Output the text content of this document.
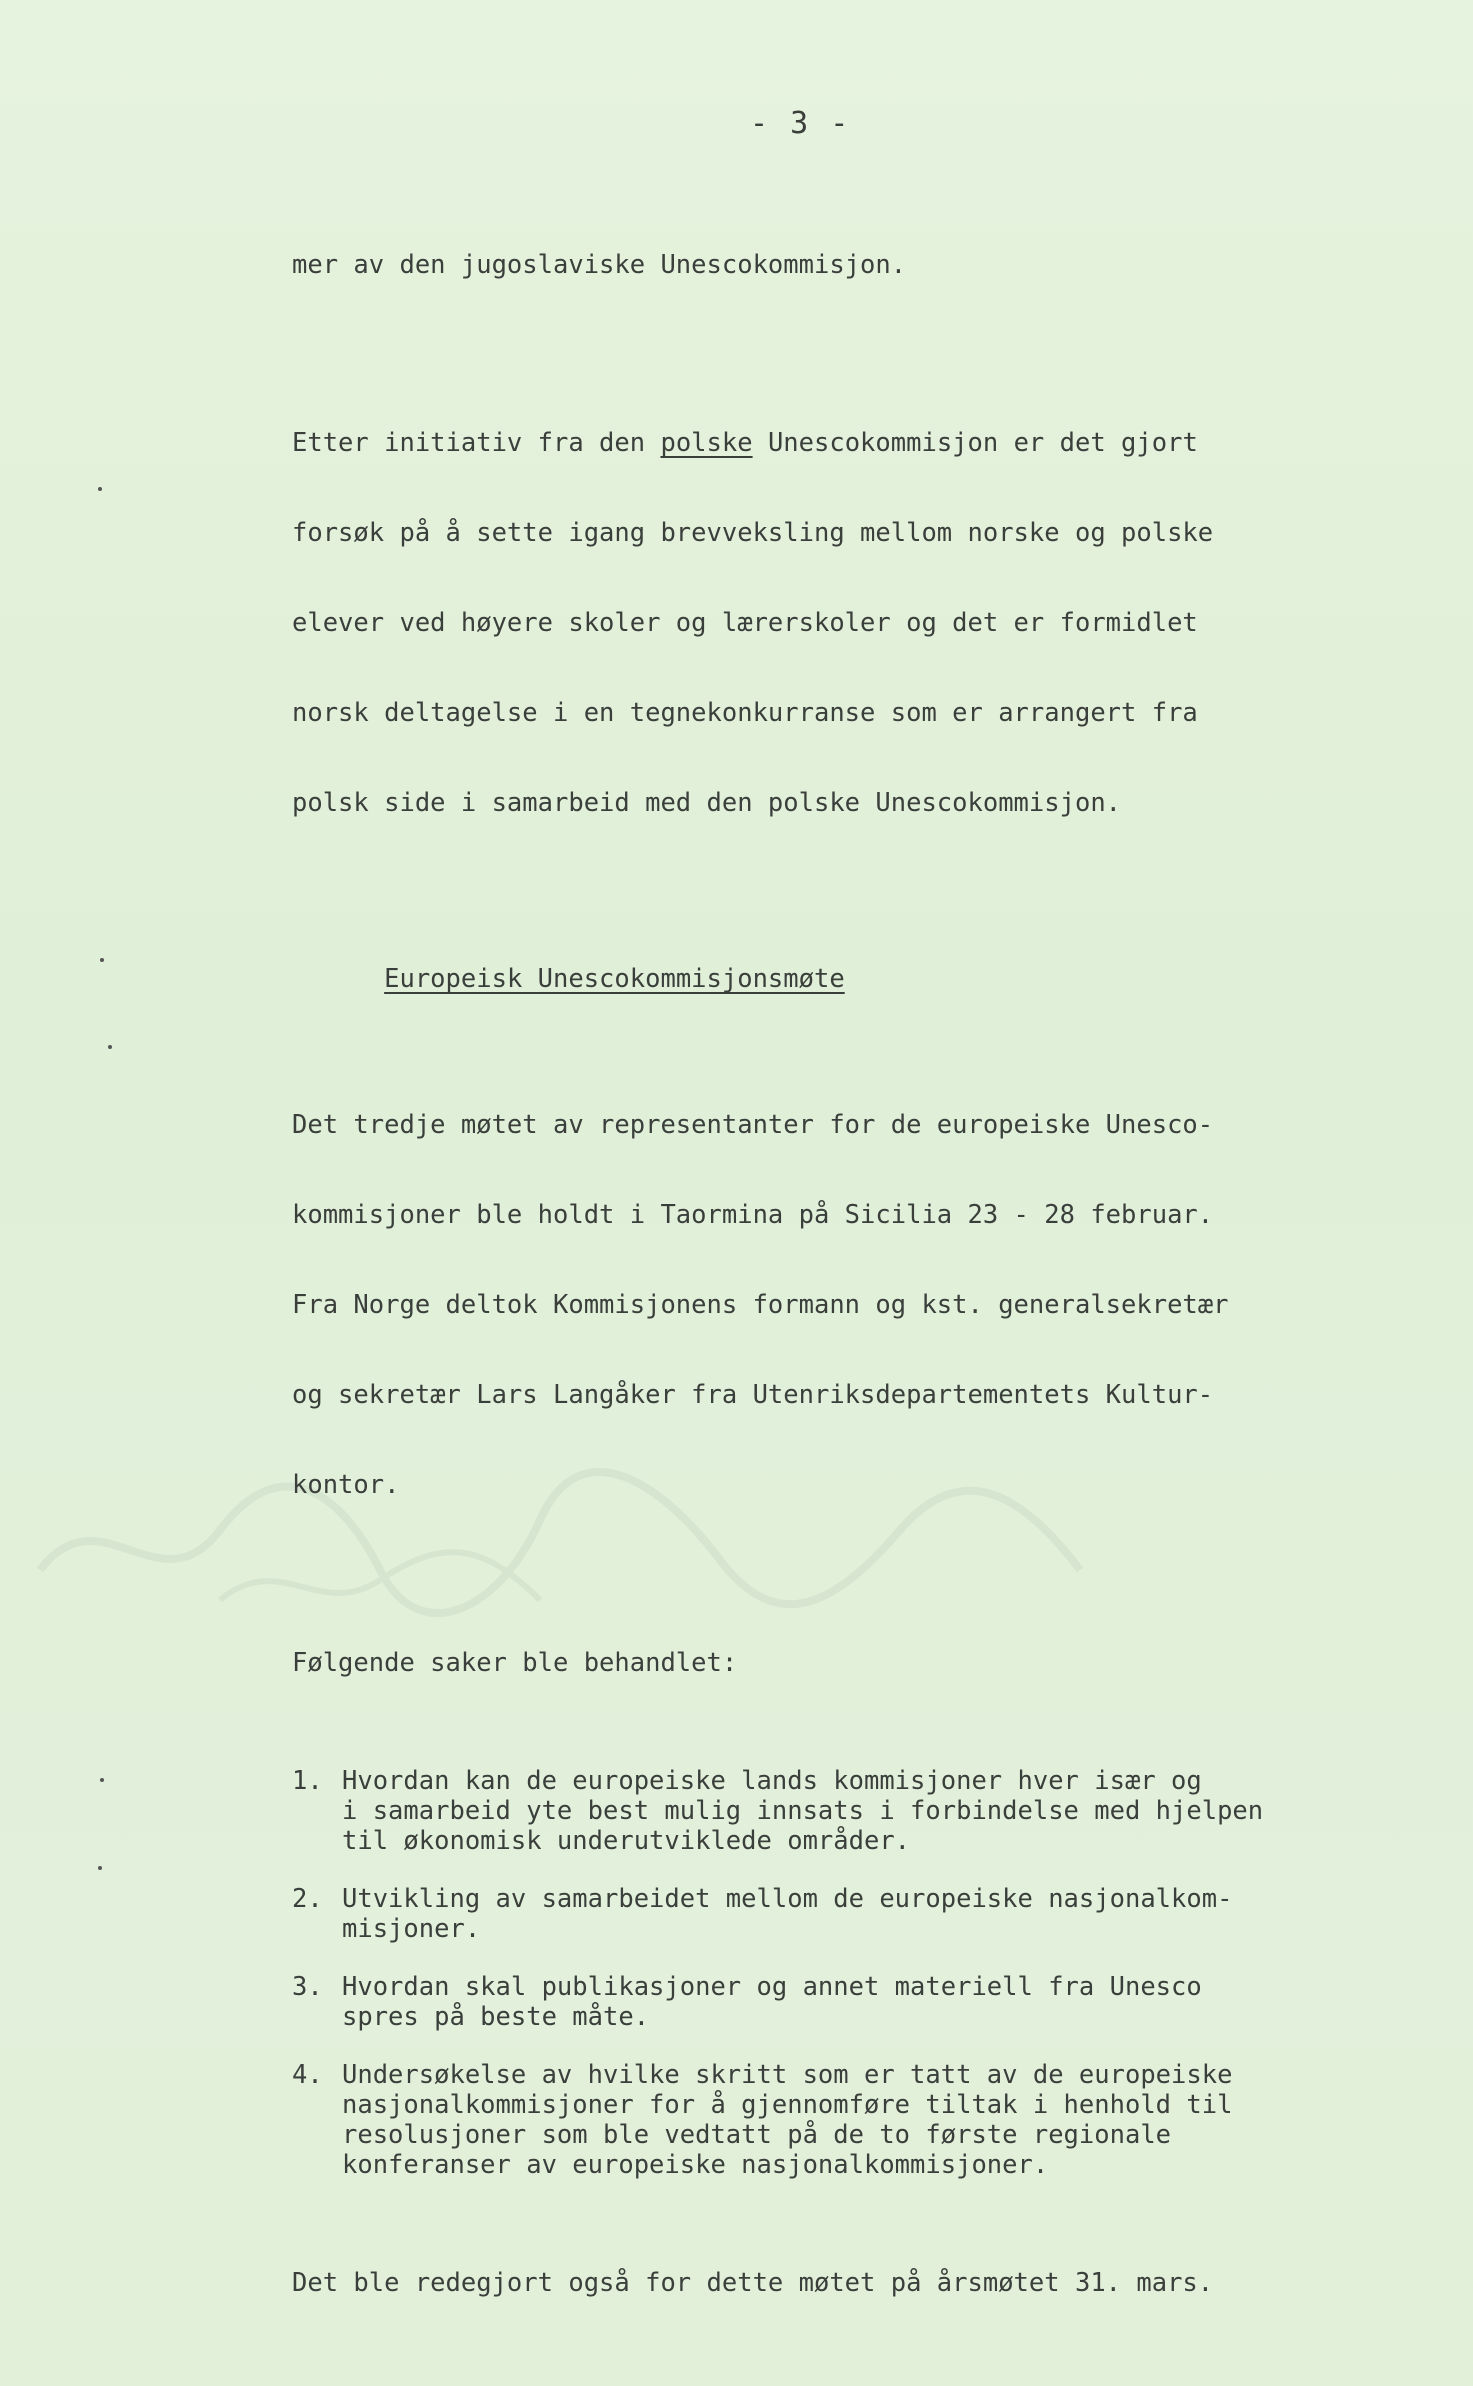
- 3 -

mer av den jugoslaviske Unescokommisjon.

Etter initiativ fra den polske Unescokommisjon er det gjort

forsøk på å sette igang brevveksling mellom norske og polske

elever ved høyere skoler og lærerskoler og det er formidlet

norsk deltagelse i en tegnekonkurranse som er arrangert fra

polsk side i samarbeid med den polske Unescokommisjon.

Europeisk Unescokommisjonsmøte

Det tredje møtet av representanter for de europeiske Unesco-

kommisjoner ble holdt i Taormina på Sicilia 23 - 28 februar.

Fra Norge deltok Kommisjonens formann og kst. generalsekretær

og sekretær Lars Langåker fra Utenriksdepartementets Kultur-

kontor.

Følgende saker ble behandlet:

1. Hvordan kan de europeiske lands kommisjoner hver især og
i samarbeid yte best mulig innsats i forbindelse med hjelpen
til økonomisk underutviklede områder.
2. Utvikling av samarbeidet mellom de europeiske nasjonalkom-
misjoner.
3. Hvordan skal publikasjoner og annet materiell fra Unesco
spres på beste måte.
4. Undersøkelse av hvilke skritt som er tatt av de europeiske
nasjonalkommisjoner for å gjennomføre tiltak i henhold til
resolusjoner som ble vedtatt på de to første regionale
konferanser av europeiske nasjonalkommisjoner.

Det ble redegjort også for dette møtet på årsmøtet 31. mars.
